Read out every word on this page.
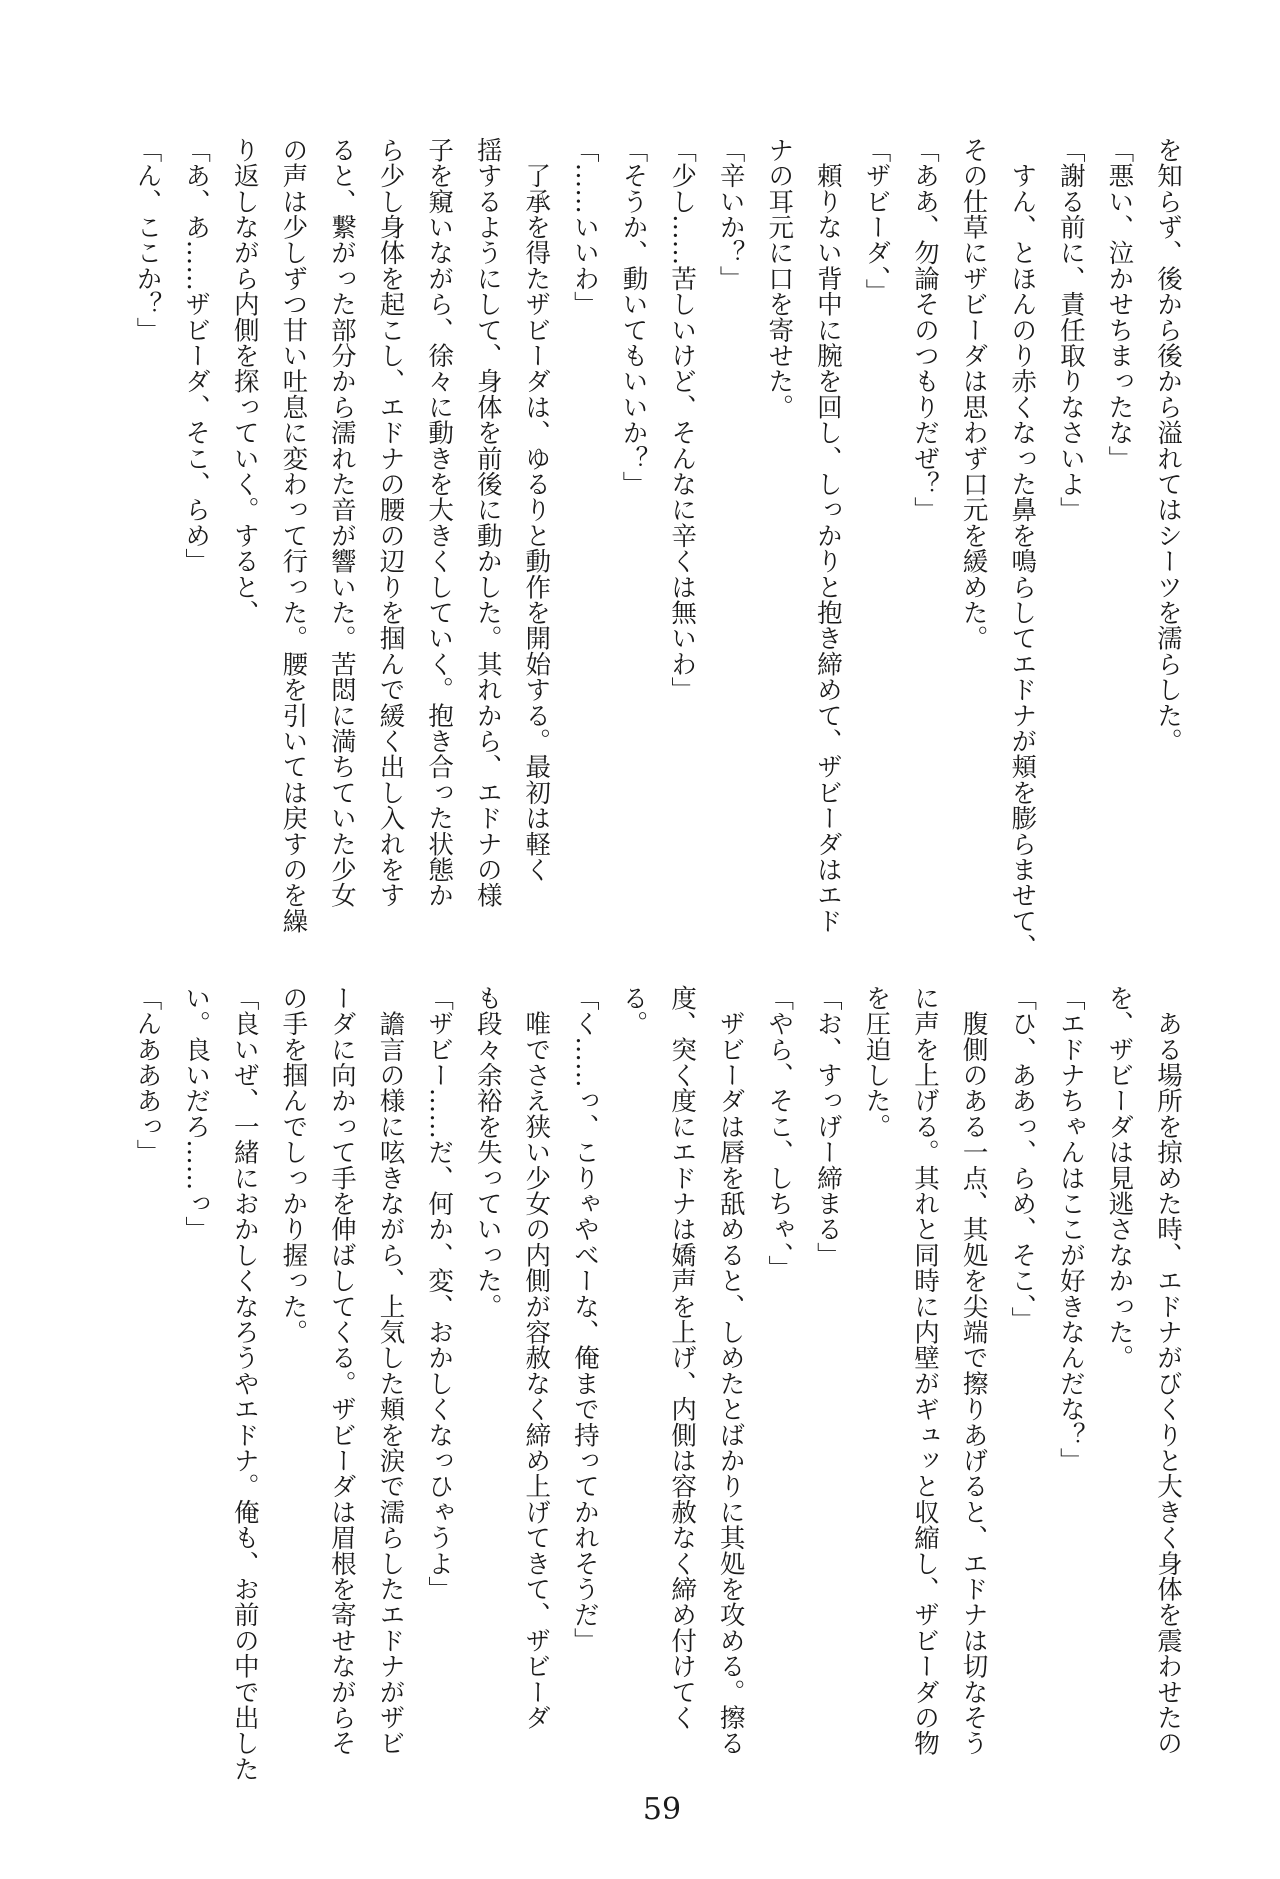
を知らず、後から後から溢れてはシーツを濡らした。
「悪い、泣かせちまったな」
「謝る前に、責任取りなさいよ」
　すん、とほんのり赤くなった鼻を鳴らしてエドナが頬を膨らませて、
その仕草にザビーダは思わず口元を緩めた。
「ああ、勿論そのつもりだぜ？」
「ザビーダ、」
　頼りない背中に腕を回し、しっかりと抱き締めて、ザビーダはエド
ナの耳元に口を寄せた。
「辛いか？」
「少し……苦しいけど、そんなに辛くは無いわ」
「そうか、動いてもいいか？」
「……いいわ」
　了承を得たザビーダは、ゆるりと動作を開始する。最初は軽く
揺するようにして、身体を前後に動かした。其れから、エドナの様
子を窺いながら、徐々に動きを大きくしていく。抱き合った状態か
ら少し身体を起こし、エドナの腰の辺りを掴んで緩く出し入れをす
ると、繋がった部分から濡れた音が響いた。苦悶に満ちていた少女
の声は少しずつ甘い吐息に変わって行った。腰を引いては戻すのを繰
り返しながら内側を探っていく。すると、
「あ、あ……ザビーダ、そこ、らめ」
「ん、ここか？」
　ある場所を掠めた時、エドナがびくりと大きく身体を震わせたの
を、ザビーダは見逃さなかった。
「エドナちゃんはここが好きなんだな？」
「ひ、ああっ、らめ、そこ、」
　腹側のある一点、其処を尖端で擦りあげると、エドナは切なそう
に声を上げる。其れと同時に内壁がギュッと収縮し、ザビーダの物
を圧迫した。
「お、すっげー締まる」
「やら、そこ、しちゃ、」
　ザビーダは唇を舐めると、しめたとばかりに其処を攻める。擦る
度、突く度にエドナは嬌声を上げ、内側は容赦なく締め付けてく
る。
「く……っ、こりゃやべーな、俺まで持ってかれそうだ」
　唯でさえ狭い少女の内側が容赦なく締め上げてきて、ザビーダ
も段々余裕を失っていった。
「ザビー……だ、何か、変、おかしくなっひゃうよ」
　譫言の様に呟きながら、上気した頬を涙で濡らしたエドナがザビ
ーダに向かって手を伸ばしてくる。ザビーダは眉根を寄せながらそ
の手を掴んでしっかり握った。
「良いぜ、一緒におかしくなろうやエドナ。俺も、お前の中で出した
い。良いだろ……っ」
「んあああっ」
59
